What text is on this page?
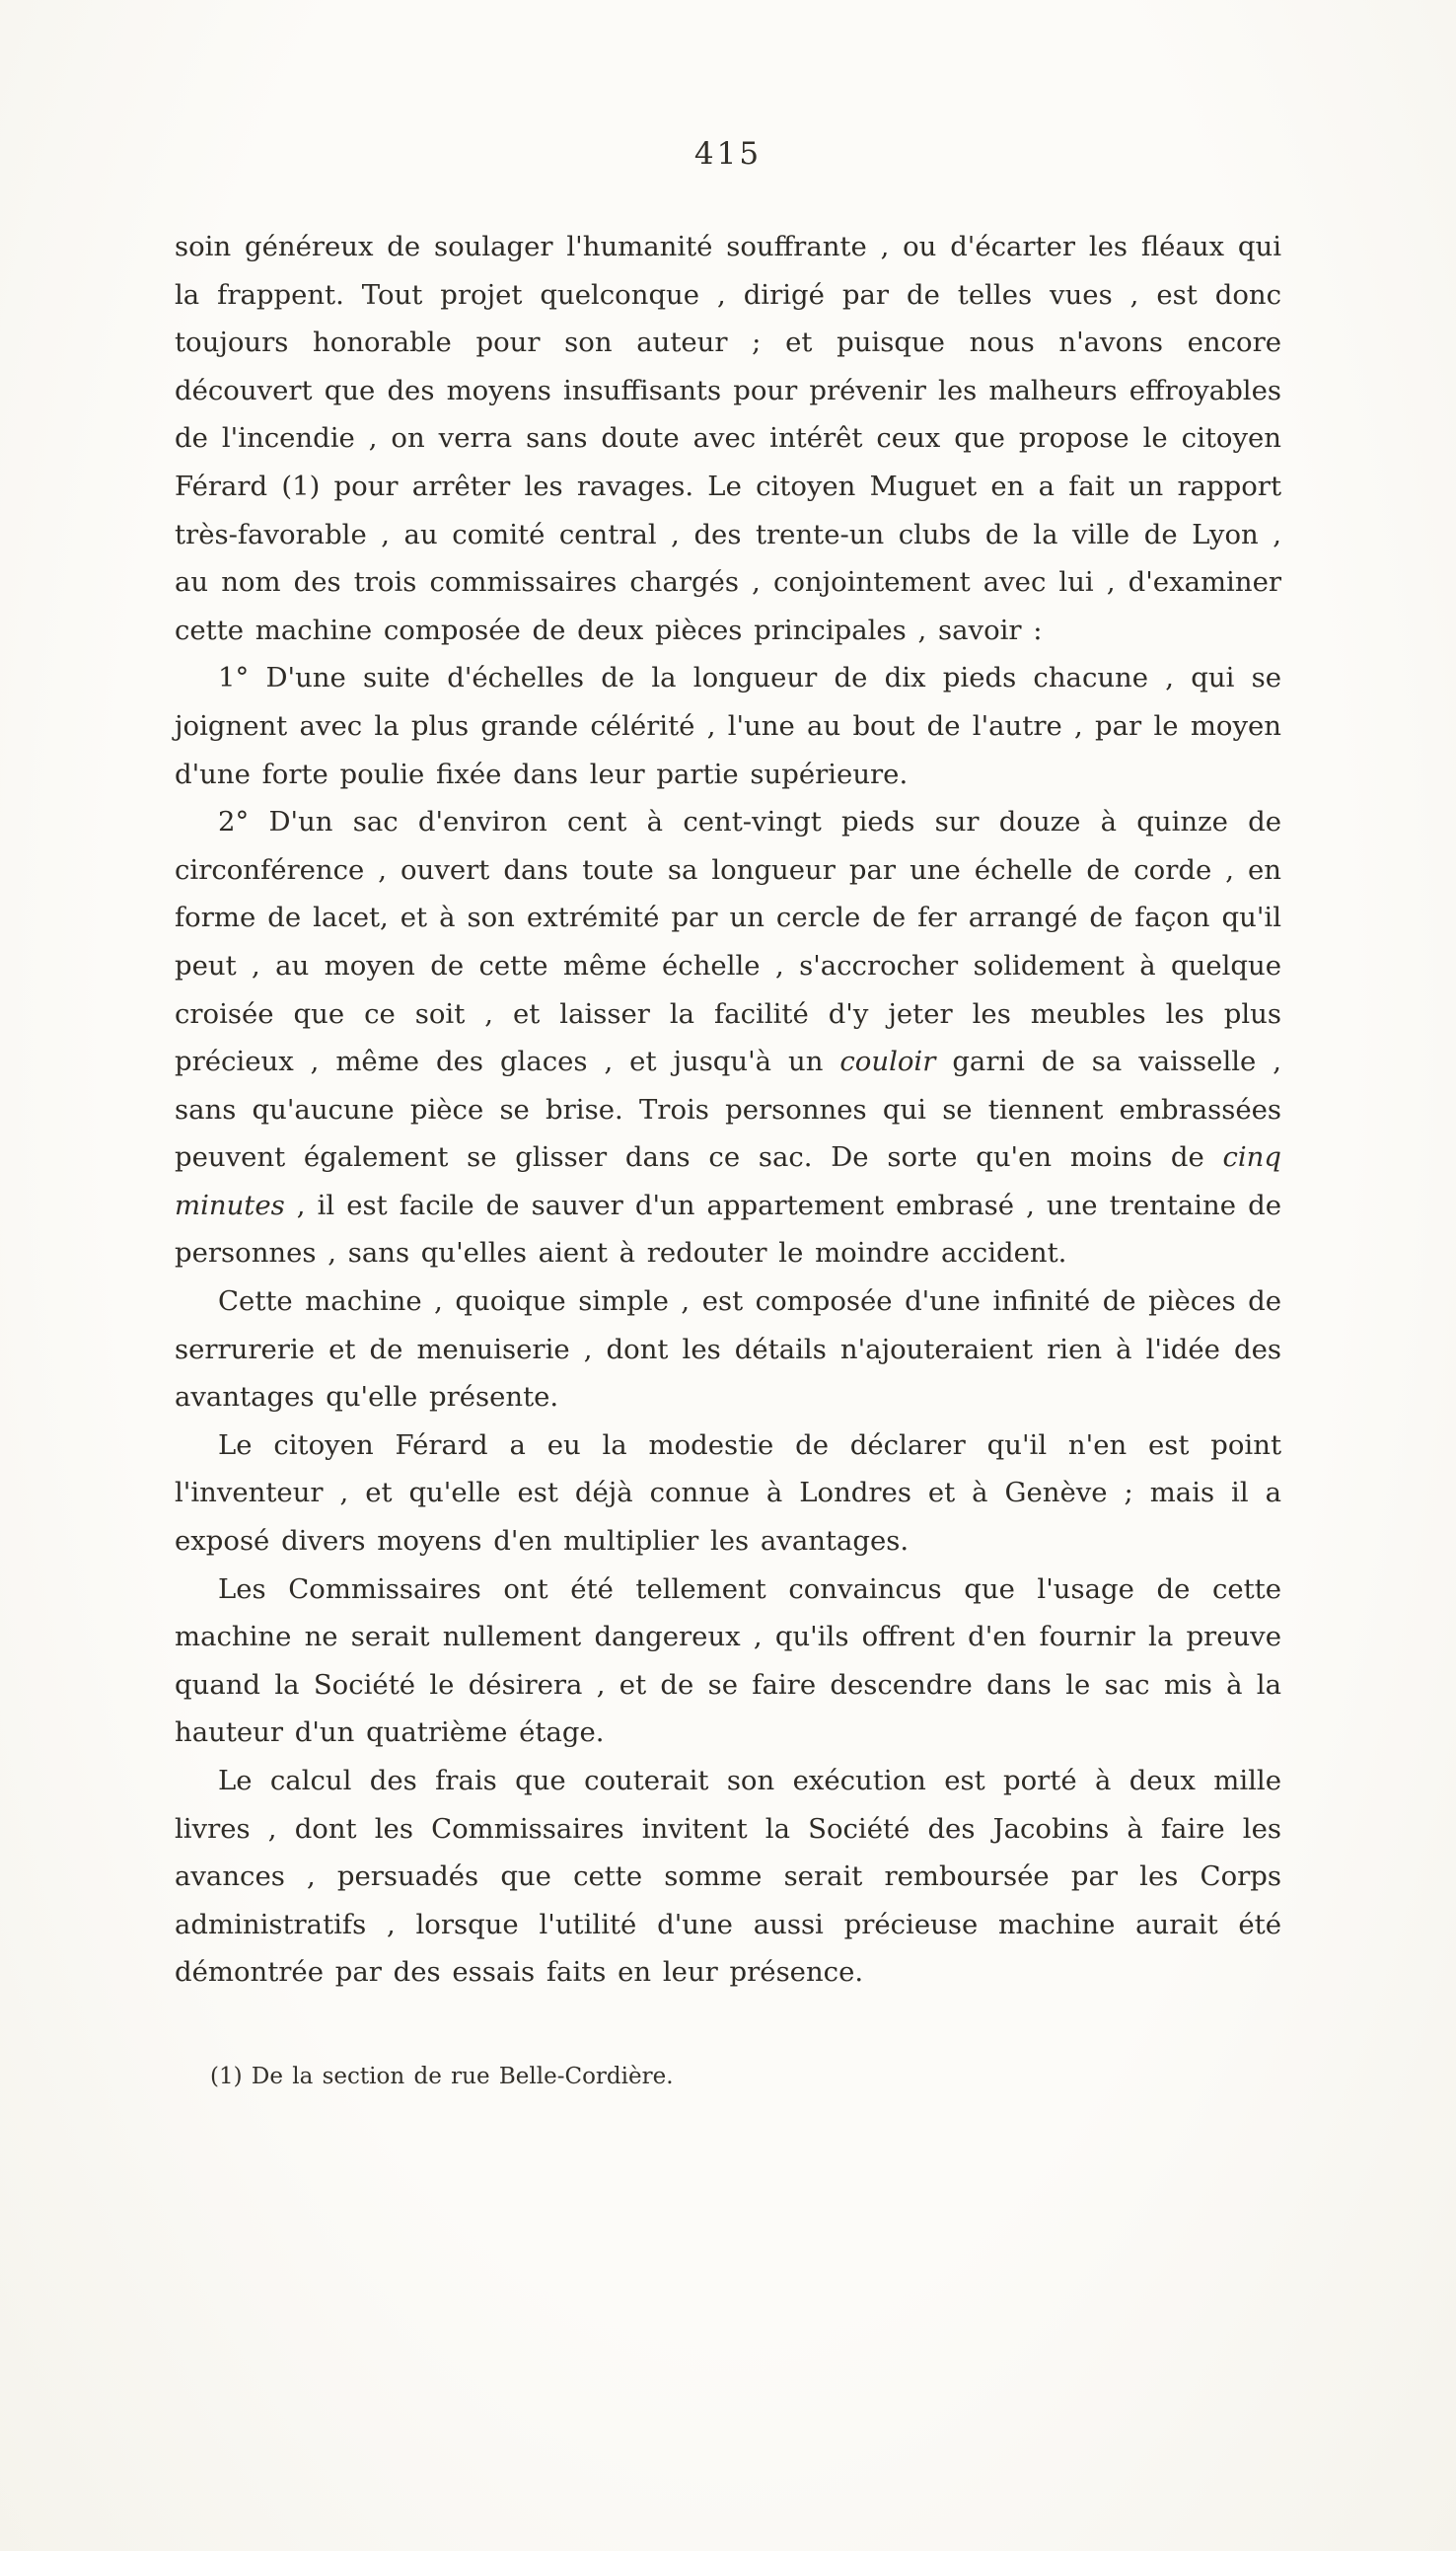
415

soin généreux de soulager l'humanité souffrante , ou d'écarter les fléaux qui la frappent. Tout projet quelconque , dirigé par de telles vues , est donc toujours honorable pour son auteur ; et puisque nous n'avons encore découvert que des moyens insuffisants pour prévenir les malheurs effroyables de l'incendie , on verra sans doute avec intérêt ceux que propose le citoyen Férard (1) pour arrêter les ravages. Le citoyen Muguet en a fait un rapport très-favorable , au comité central , des trente-un clubs de la ville de Lyon , au nom des trois commissaires chargés , conjointement avec lui , d'examiner cette machine composée de deux pièces principales , savoir :

1° D'une suite d'échelles de la longueur de dix pieds chacune , qui se joignent avec la plus grande célérité , l'une au bout de l'autre , par le moyen d'une forte poulie fixée dans leur partie supérieure.

2° D'un sac d'environ cent à cent-vingt pieds sur douze à quinze de circonférence , ouvert dans toute sa longueur par une échelle de corde , en forme de lacet, et à son extrémité par un cercle de fer arrangé de façon qu'il peut , au moyen de cette même échelle , s'accrocher solidement à quelque croisée que ce soit , et laisser la facilité d'y jeter les meubles les plus précieux , même des glaces , et jusqu'à un couloir garni de sa vaisselle , sans qu'aucune pièce se brise. Trois personnes qui se tiennent embrassées peuvent également se glisser dans ce sac. De sorte qu'en moins de cinq minutes , il est facile de sauver d'un appartement embrasé , une trentaine de personnes , sans qu'elles aient à redouter le moindre accident.

Cette machine , quoique simple , est composée d'une infinité de pièces de serrurerie et de menuiserie , dont les détails n'ajouteraient rien à l'idée des avantages qu'elle présente.

Le citoyen Férard a eu la modestie de déclarer qu'il n'en est point l'inventeur , et qu'elle est déjà connue à Londres et à Genève ; mais il a exposé divers moyens d'en multiplier les avantages.

Les Commissaires ont été tellement convaincus que l'usage de cette machine ne serait nullement dangereux , qu'ils offrent d'en fournir la preuve quand la Société le désirera , et de se faire descendre dans le sac mis à la hauteur d'un quatrième étage.

Le calcul des frais que couterait son exécution est porté à deux mille livres , dont les Commissaires invitent la Société des Jacobins à faire les avances , persuadés que cette somme serait remboursée par les Corps administratifs , lorsque l'utilité d'une aussi précieuse machine aurait été démontrée par des essais faits en leur présence.

(1) De la section de rue Belle-Cordière.
